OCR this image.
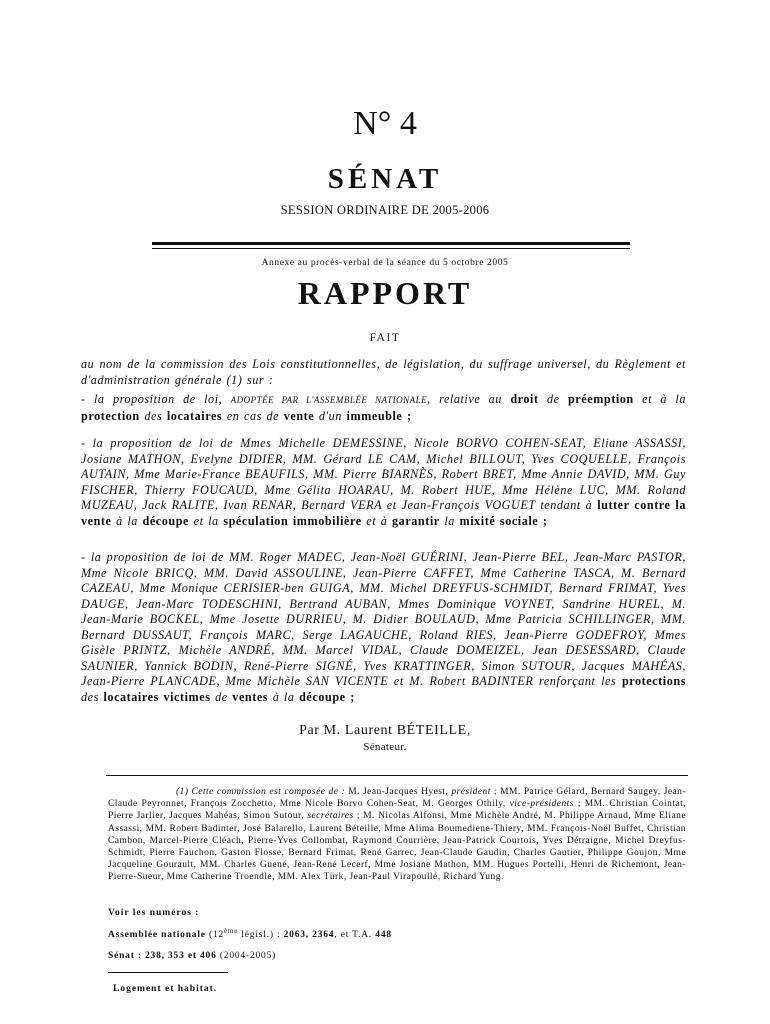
N° 4
SÉNAT
SESSION ORDINAIRE DE 2005-2006
Annexe au procès-verbal de la séance du 5 octobre 2005
RAPPORT
FAIT
au nom de la commission des Lois constitutionnelles, de législation, du suffrage universel, du Règlement et d'administration générale (1) sur :
- la proposition de loi, ADOPTÉE PAR L'ASSEMBLÉE NATIONALE, relative au droit de préemption et à la protection des locataires en cas de vente d'un immeuble ;
- la proposition de loi de Mmes Michelle DEMESSINE, Nicole BORVO COHEN-SEAT, Eliane ASSASSI, Josiane MATHON, Evelyne DIDIER, MM. Gérard LE CAM, Michel BILLOUT, Yves COQUELLE, François AUTAIN, Mme Marie-France BEAUFILS, MM. Pierre BIARNÈS, Robert BRET, Mme Annie DAVID, MM. Guy FISCHER, Thierry FOUCAUD, Mme Gélita HOARAU, M. Robert HUE, Mme Hélène LUC, MM. Roland MUZEAU, Jack RALITE, Ivan RENAR, Bernard VERA et Jean-François VOGUET tendant à lutter contre la vente à la découpe et la spéculation immobilière et à garantir la mixité sociale ;
- la proposition de loi de MM. Roger MADEC, Jean-Noël GUÉRINI, Jean-Pierre BEL, Jean-Marc PASTOR, Mme Nicole BRICQ, MM. David ASSOULINE, Jean-Pierre CAFFET, Mme Catherine TASCA, M. Bernard CAZEAU, Mme Monique CERISIER-ben GUIGA, MM. Michel DREYFUS-SCHMIDT, Bernard FRIMAT, Yves DAUGE, Jean-Marc TODESCHINI, Bertrand AUBAN, Mmes Dominique VOYNET, Sandrine HUREL, M. Jean-Marie BOCKEL, Mme Josette DURRIEU, M. Didier BOULAUD, Mme Patricia SCHILLINGER, MM. Bernard DUSSAUT, François MARC, Serge LAGAUCHE, Roland RIES, Jean-Pierre GODEFROY, Mmes Gisèle PRINTZ, Michèle ANDRÉ, MM. Marcel VIDAL, Claude DOMEIZEL, Jean DESESSARD, Claude SAUNIER, Yannick BODIN, René-Pierre SIGNÉ, Yves KRATTINGER, Simon SUTOUR, Jacques MAHÉAS, Jean-Pierre PLANCADE, Mme Michèle SAN VICENTE et M. Robert BADINTER renforçant les protections des locataires victimes de ventes à la découpe ;
Par M. Laurent BÉTEILLE,
Sénateur.
(1) Cette commission est composée de : M. Jean-Jacques Hyest, président ; MM. Patrice Gélard, Bernard Saugey, Jean-Claude Peyronnet, François Zocchetto, Mme Nicole Borvo Cohen-Seat, M. Georges Othily, vice-présidents ; MM. Christian Cointat, Pierre Jarlier, Jacques Mahéas, Simon Sutour, secrétaires ; M. Nicolas Alfonsi, Mme Michèle André, M. Philippe Arnaud, Mme Eliane Assassi, MM. Robert Badinter, José Balarello, Laurent Béteille, Mme Alima Boumediene-Thiery, MM. François-Noël Buffet, Christian Cambon, Marcel-Pierre Cléach, Pierre-Yves Collombat, Raymond Courrière, Jean-Patrick Courtois, Yves Détraigne, Michel Dreyfus-Schmidt, Pierre Fauchon, Gaston Flosse, Bernard Frimat, René Garrec, Jean-Claude Gaudin, Charles Gautier, Philippe Goujon, Mme Jacqueline Gourault, MM. Charles Guené, Jean-René Lecerf, Mme Josiane Mathon, MM. Hugues Portelli, Henri de Richemont, Jean-Pierre-Sueur, Mme Catherine Troendle, MM. Alex Türk, Jean-Paul Virapoullé, Richard Yung.
Voir les numéros :
Assemblée nationale (12ème législ.) : 2063, 2364, et T.A. 448
Sénat : 238, 353 et 406 (2004-2005)
Logement et habitat.
